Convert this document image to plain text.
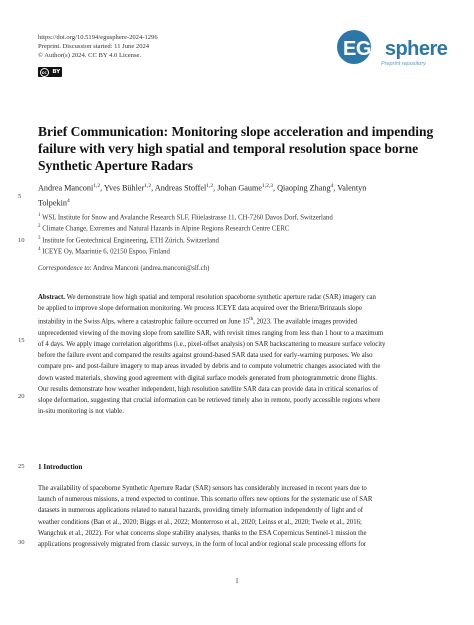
https://doi.org/10.5194/egusphere-2024-1296
Preprint. Discussion started: 11 June 2024
© Author(s) 2024. CC BY 4.0 License.
cc	BY
EGUsphere
Preprint repository
Brief Communication: Monitoring slope acceleration and impending failure with very high spatial and temporal resolution space borne Synthetic Aperture Radars
5
10
15
20
25
30
Andrea Manconi$^{1,2}$, Yves Bühler$^{1,2}$, Andreas Stoffel$^{1,2}$, Johan Gaume$^{1,2,3}$, Qiaoping Zhang$^4$, Valentyn
Tolpekin$^4$
$^1$ WSL Institute for Snow and Avalanche Research SLF, Flüelastrasse 11, CH-7260 Davos Dorf, Switzerland
$^2$ Climate Change, Extremes and Natural Hazards in Alpine Regions Research Centre CERC
$^3$ Institute for Geotechnical Engineering, ETH Zürich, Switzerland
$^4$ ICEYE Oy, Maarintie 6, 02150 Espoo, Finland
Correspondence to: Andrea Manconi (andrea.manconi@slf.ch)
Abstract. We demonstrate how high spatial and temporal resolution spaceborne synthetic aperture radar (SAR) imagery can
be applied to improve slope deformation monitoring. We process ICEYE data acquired over the Brienz/Brinzauls slope
instability in the Swiss Alps, where a catastrophic failure occurred on June 15th, 2023. The available images provided
unprecedented viewing of the moving slope from satellite SAR, with revisit times ranging from less than 1 hour to a maximum
of 4 days. We apply image correlation algorithms (i.e., pixel-offset analysis) on SAR backscattering to measure surface velocity
before the failure event and compared the results against ground-based SAR data used for early-warning purposes. We also
compare pre- and post-failure imagery to map areas invaded by debris and to compute volumetric changes associated with the
down wasted materials, showing good agreement with digital surface models generated from photogrammetric drone flights.
Our results demonstrate how weather independent, high resolution satellite SAR data can provide data in critical scenarios of
slope deformation, suggesting that crucial information can be retrieved timely also in remote, poorly accessible regions where
in-situ monitoring is not viable.
1 Introduction
The availability of spaceborne Synthetic Aperture Radar (SAR) sensors has considerably increased in recent years due to
launch of numerous missions, a trend expected to continue. This scenario offers new options for the systematic use of SAR
datasets in numerous applications related to natural hazards, providing timely information independently of light and of
weather conditions (Ban et al., 2020; Biggs et al., 2022; Monterroso et al., 2020; Leinss et al., 2020; Twele et al., 2016;
Wangchuk et al., 2022). For what concerns slope stability analyses, thanks to the ESA Copernicus Sentinel-1 mission the
applications progressively migrated from classic surveys, in the form of local and/or regional scale processing efforts for
1
